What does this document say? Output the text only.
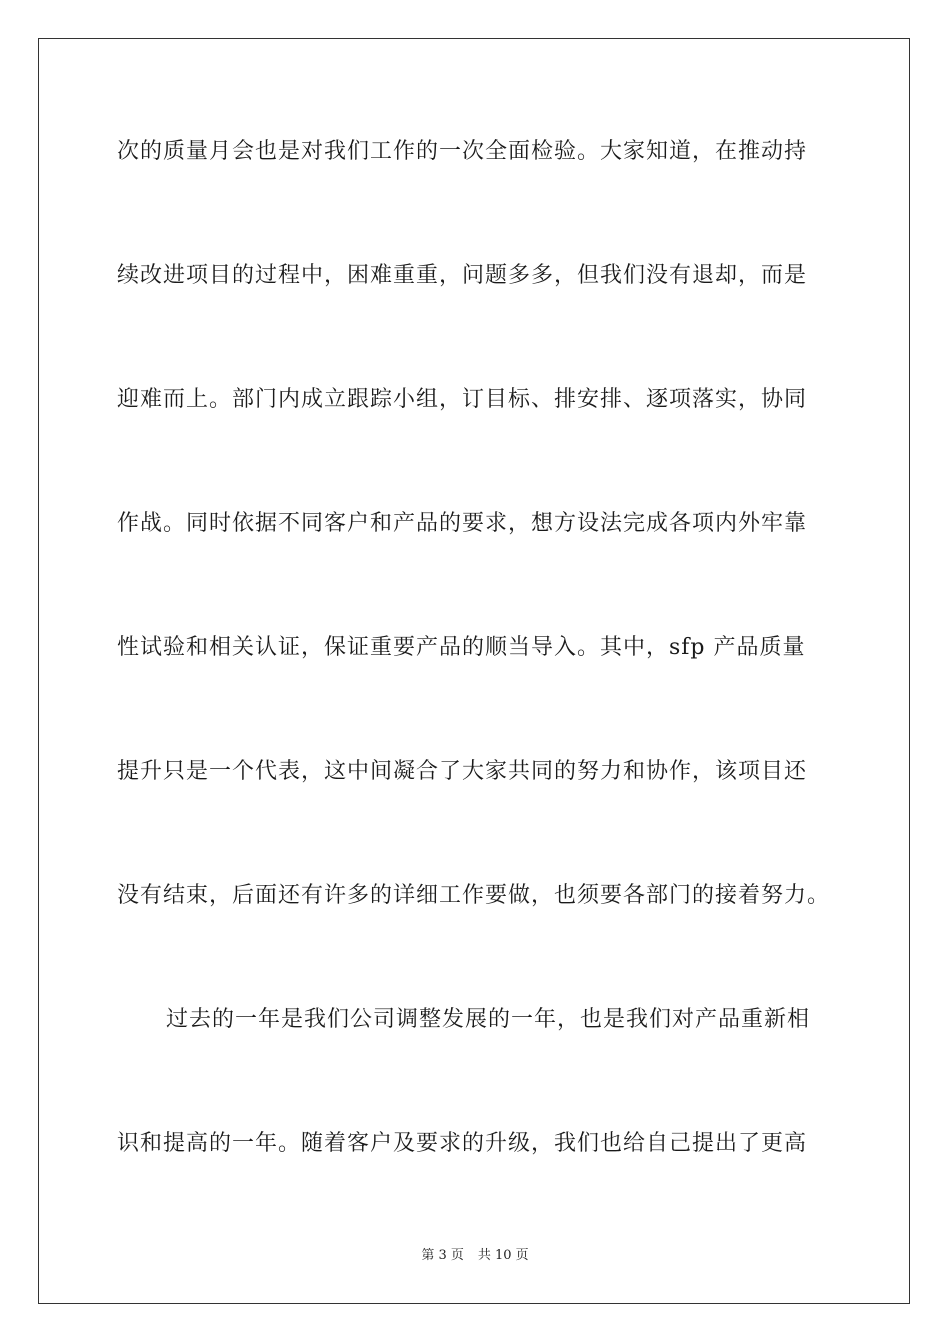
次的质量月会也是对我们工作的一次全面检验。大家知道，在推动持
续改进项目的过程中，困难重重，问题多多，但我们没有退却，而是
迎难而上。部门内成立跟踪小组，订目标、排安排、逐项落实，协同
作战。同时依据不同客户和产品的要求，想方设法完成各项内外牢靠
性试验和相关认证，保证重要产品的顺当导入。其中，sfp 产品质量
提升只是一个代表，这中间凝合了大家共同的努力和协作，该项目还
没有结束，后面还有许多的详细工作要做，也须要各部门的接着努力。
过去的一年是我们公司调整发展的一年，也是我们对产品重新相
识和提高的一年。随着客户及要求的升级，我们也给自己提出了更高
第 3 页 共 10 页
